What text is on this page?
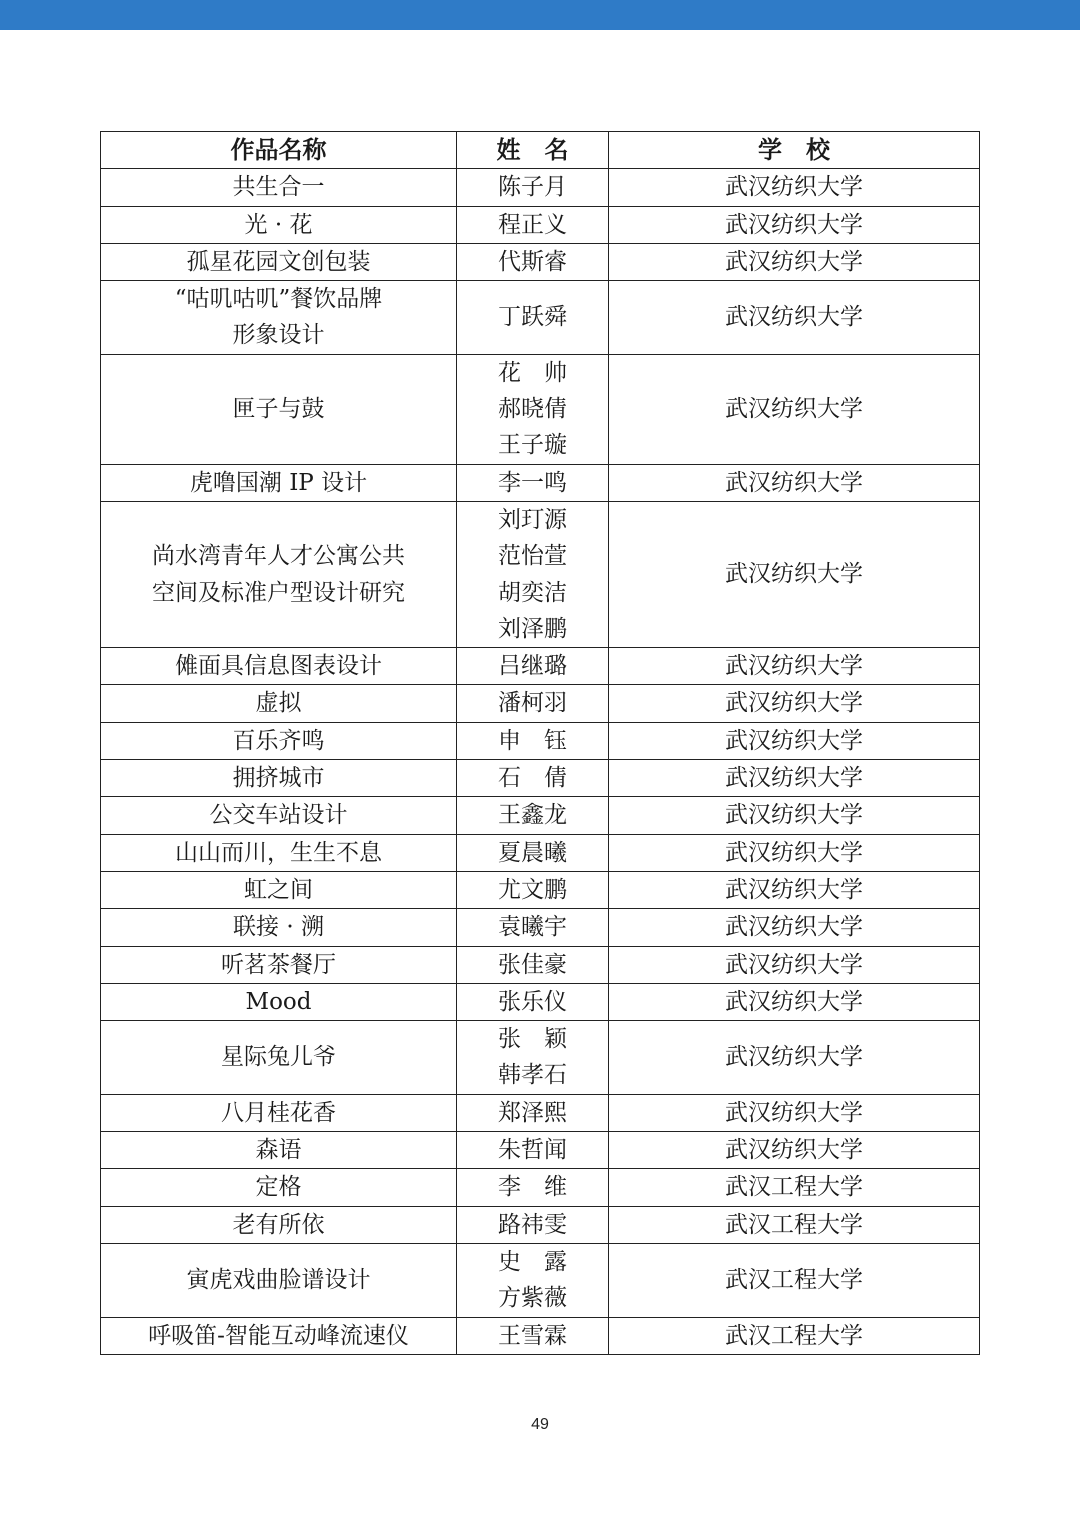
作品名称	姓　名	学　校
共生合一	陈子月	武汉纺织大学
光 · 花	程正义	武汉纺织大学
孤星花园文创包装	代斯睿	武汉纺织大学
“咕叽咕叽”餐饮品牌
形象设计	丁跃舜	武汉纺织大学
匣子与鼓	花　帅
郝晓倩
王子璇	武汉纺织大学
虎噜国潮 IP 设计	李一鸣	武汉纺织大学
尚水湾青年人才公寓公共
空间及标准户型设计研究	刘玎源
范怡萱
胡奕洁
刘泽鹏	武汉纺织大学
傩面具信息图表设计	吕继璐	武汉纺织大学
虚拟	潘柯羽	武汉纺织大学
百乐齐鸣	申　钰	武汉纺织大学
拥挤城市	石　倩	武汉纺织大学
公交车站设计	王鑫龙	武汉纺织大学
山山而川，生生不息	夏晨曦	武汉纺织大学
虹之间	尤文鹏	武汉纺织大学
联接 · 溯	袁曦宇	武汉纺织大学
听茗茶餐厅	张佳豪	武汉纺织大学
Mood	张乐仪	武汉纺织大学
星际兔儿爷	张　颖
韩孝石	武汉纺织大学
八月桂花香	郑泽熙	武汉纺织大学
森语	朱哲闻	武汉纺织大学
定格	李　维	武汉工程大学
老有所依	路祎雯	武汉工程大学
寅虎戏曲脸谱设计	史　露
方紫薇	武汉工程大学
呼吸笛-智能互动峰流速仪	王雪霖	武汉工程大学
49
